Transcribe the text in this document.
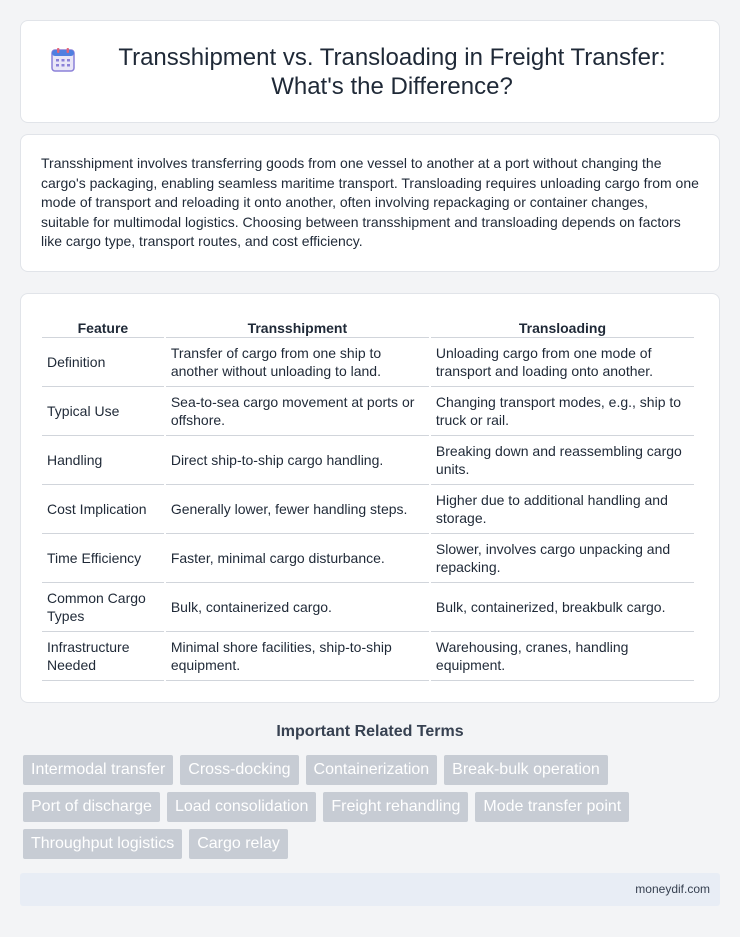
Transshipment vs. Transloading in Freight Transfer: What's the Difference?

Transshipment involves transferring goods from one vessel to another at a port without changing the cargo's packaging, enabling seamless maritime transport. Transloading requires unloading cargo from one mode of transport and reloading it onto another, often involving repackaging or container changes, suitable for multimodal logistics. Choosing between transshipment and transloading depends on factors like cargo type, transport routes, and cost efficiency.

Feature	Transshipment	Transloading
Definition	Transfer of cargo from one ship to another without unloading to land.	Unloading cargo from one mode of transport and loading onto another.
Typical Use	Sea-to-sea cargo movement at ports or offshore.	Changing transport modes, e.g., ship to truck or rail.
Handling	Direct ship-to-ship cargo handling.	Breaking down and reassembling cargo units.
Cost Implication	Generally lower, fewer handling steps.	Higher due to additional handling and storage.
Time Efficiency	Faster, minimal cargo disturbance.	Slower, involves cargo unpacking and repacking.
Common Cargo Types	Bulk, containerized cargo.	Bulk, containerized, breakbulk cargo.
Infrastructure Needed	Minimal shore facilities, ship-to-ship equipment.	Warehousing, cranes, handling equipment.
Important Related Terms
Intermodal transfer	Cross-docking	Containerization	Break-bulk operation
Port of discharge	Load consolidation	Freight rehandling	Mode transfer point
Throughput logistics	Cargo relay
moneydif.com
